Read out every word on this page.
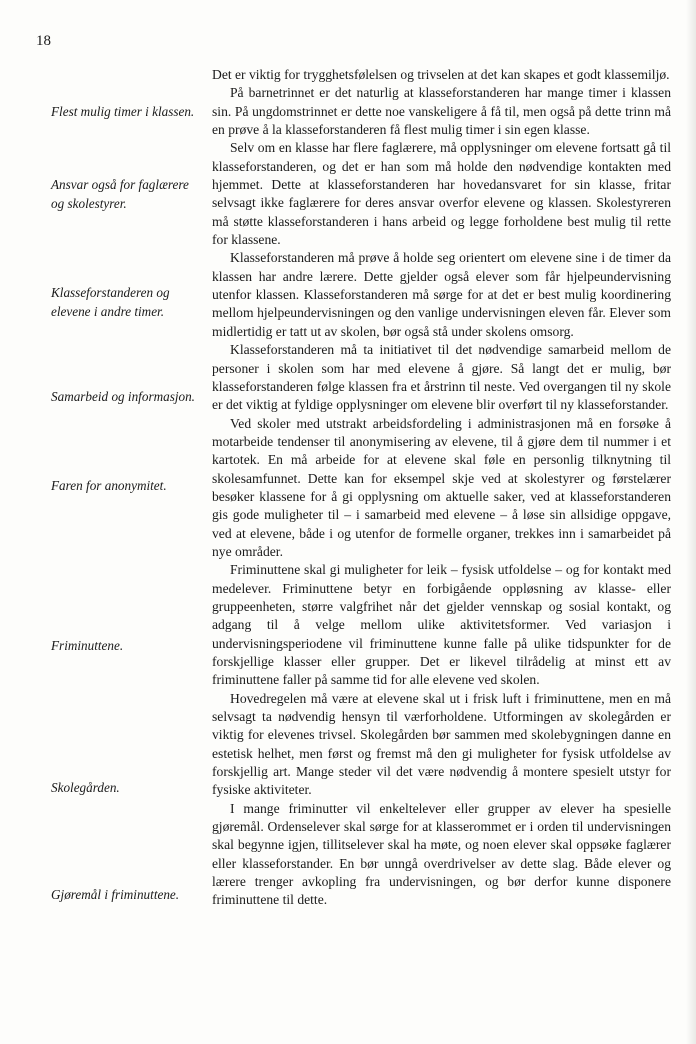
18
Flest mulig timer i klassen.
Ansvar også for faglærere og skolestyrer.
Klasseforstanderen og elevene i andre timer.
Samarbeid og informasjon.
Faren for anonymitet.
Friminuttene.
Skolegården.
Gjøremål i friminuttene.

Det er viktig for trygghetsfølelsen og trivselen at det kan skapes et godt klassemiljø.

På barnetrinnet er det naturlig at klasseforstanderen har mange timer i klassen sin. På ungdomstrinnet er dette noe vanskeligere å få til, men også på dette trinn må en prøve å la klasseforstanderen få flest mulig timer i sin egen klasse.

Selv om en klasse har flere faglærere, må opplysninger om elevene fortsatt gå til klasseforstanderen, og det er han som må holde den nødvendige kontakten med hjemmet. Dette at klasseforstanderen har hovedansvaret for sin klasse, fritar selvsagt ikke faglærere for deres ansvar overfor elevene og klassen. Skolestyreren må støtte klasseforstanderen i hans arbeid og legge forholdene best mulig til rette for klassene.

Klasseforstanderen må prøve å holde seg orientert om elevene sine i de timer da klassen har andre lærere. Dette gjelder også elever som får hjelpeundervisning utenfor klassen. Klasseforstanderen må sørge for at det er best mulig koordinering mellom hjelpeundervisningen og den vanlige undervisningen eleven får. Elever som midlertidig er tatt ut av skolen, bør også stå under skolens omsorg.

Klasseforstanderen må ta initiativet til det nødvendige samarbeid mellom de personer i skolen som har med elevene å gjøre. Så langt det er mulig, bør klasseforstanderen følge klassen fra et årstrinn til neste. Ved overgangen til ny skole er det viktig at fyldige opplysninger om elevene blir overført til ny klasseforstander.

Ved skoler med utstrakt arbeidsfordeling i administrasjonen må en forsøke å motarbeide tendenser til anonymisering av elevene, til å gjøre dem til nummer i et kartotek. En må arbeide for at elevene skal føle en personlig tilknytning til skolesamfunnet. Dette kan for eksempel skje ved at skolestyrer og førstelærer besøker klassene for å gi opplysning om aktuelle saker, ved at klasseforstanderen gis gode muligheter til – i samarbeid med elevene – å løse sin allsidige oppgave, ved at elevene, både i og utenfor de formelle organer, trekkes inn i samarbeidet på nye områder.

Friminuttene skal gi muligheter for leik – fysisk utfoldelse – og for kontakt med medelever. Friminuttene betyr en forbigående oppløsning av klasse- eller gruppeenheten, større valgfrihet når det gjelder vennskap og sosial kontakt, og adgang til å velge mellom ulike aktivitetsformer. Ved variasjon i undervisningsperiodene vil friminuttene kunne falle på ulike tidspunkter for de forskjellige klasser eller grupper. Det er likevel tilrådelig at minst ett av friminuttene faller på samme tid for alle elevene ved skolen.

Hovedregelen må være at elevene skal ut i frisk luft i friminuttene, men en må selvsagt ta nødvendig hensyn til værforholdene. Utformingen av skolegården er viktig for elevenes trivsel. Skolegården bør sammen med skolebygningen danne en estetisk helhet, men først og fremst må den gi muligheter for fysisk utfoldelse av forskjellig art. Mange steder vil det være nødvendig å montere spesielt utstyr for fysiske aktiviteter.

I mange friminutter vil enkeltelever eller grupper av elever ha spesielle gjøremål. Ordenselever skal sørge for at klasserommet er i orden til undervisningen skal begynne igjen, tillitselever skal ha møte, og noen elever skal oppsøke faglærer eller klasseforstander. En bør unngå overdrivelser av dette slag. Både elever og lærere trenger avkopling fra undervisningen, og bør derfor kunne disponere friminuttene til dette.
